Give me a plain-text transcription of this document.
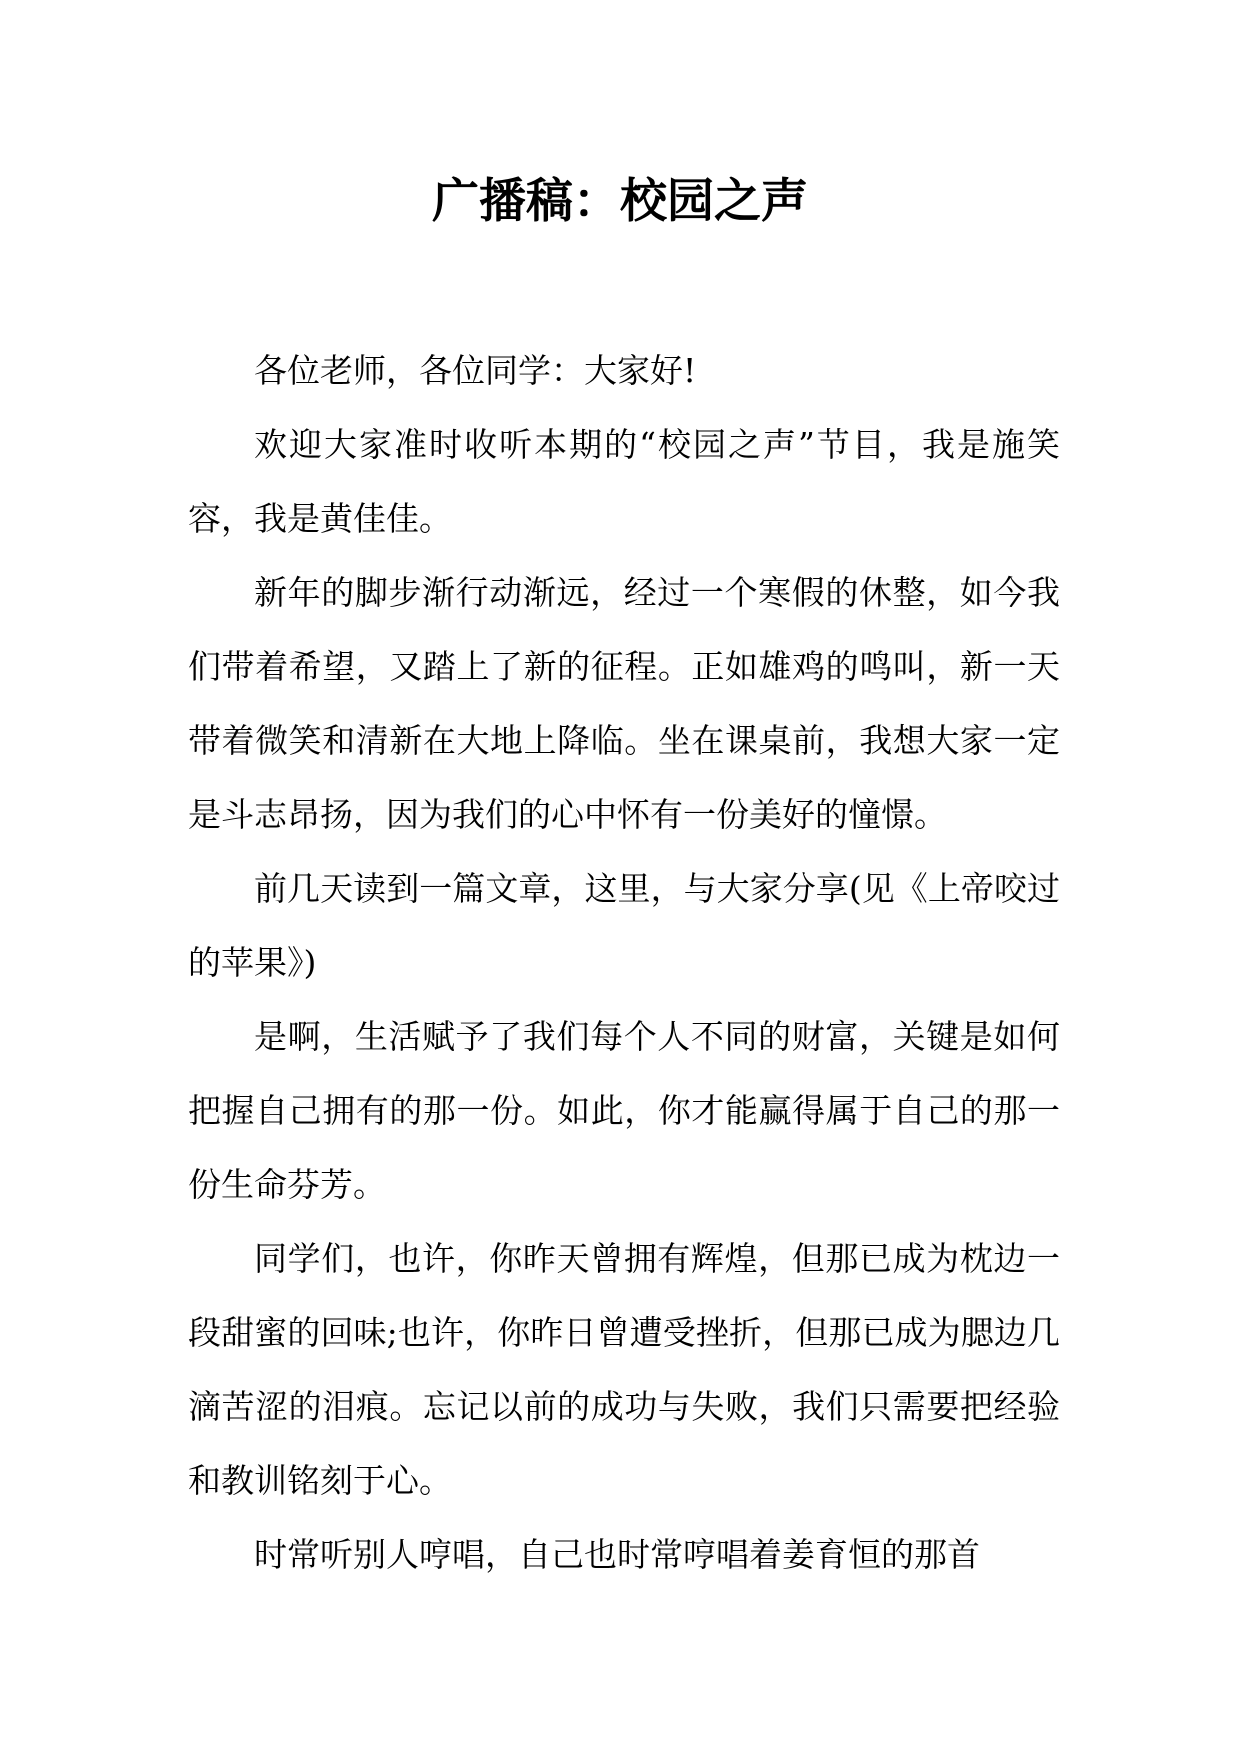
广播稿：校园之声

各位老师，各位同学：大家好!

欢迎大家准时收听本期的“校园之声”节目，我是施笑容，我是黄佳佳。

新年的脚步渐行动渐远，经过一个寒假的休整，如今我们带着希望，又踏上了新的征程。正如雄鸡的鸣叫，新一天带着微笑和清新在大地上降临。坐在课桌前，我想大家一定是斗志昂扬，因为我们的心中怀有一份美好的憧憬。

前几天读到一篇文章，这里，与大家分享(见《上帝咬过的苹果》)

是啊，生活赋予了我们每个人不同的财富，关键是如何把握自己拥有的那一份。如此，你才能赢得属于自己的那一份生命芬芳。

同学们，也许，你昨天曾拥有辉煌，但那已成为枕边一段甜蜜的回味;也许，你昨日曾遭受挫折，但那已成为腮边几滴苦涩的泪痕。忘记以前的成功与失败，我们只需要把经验和教训铭刻于心。

时常听别人哼唱，自己也时常哼唱着姜育恒的那首
